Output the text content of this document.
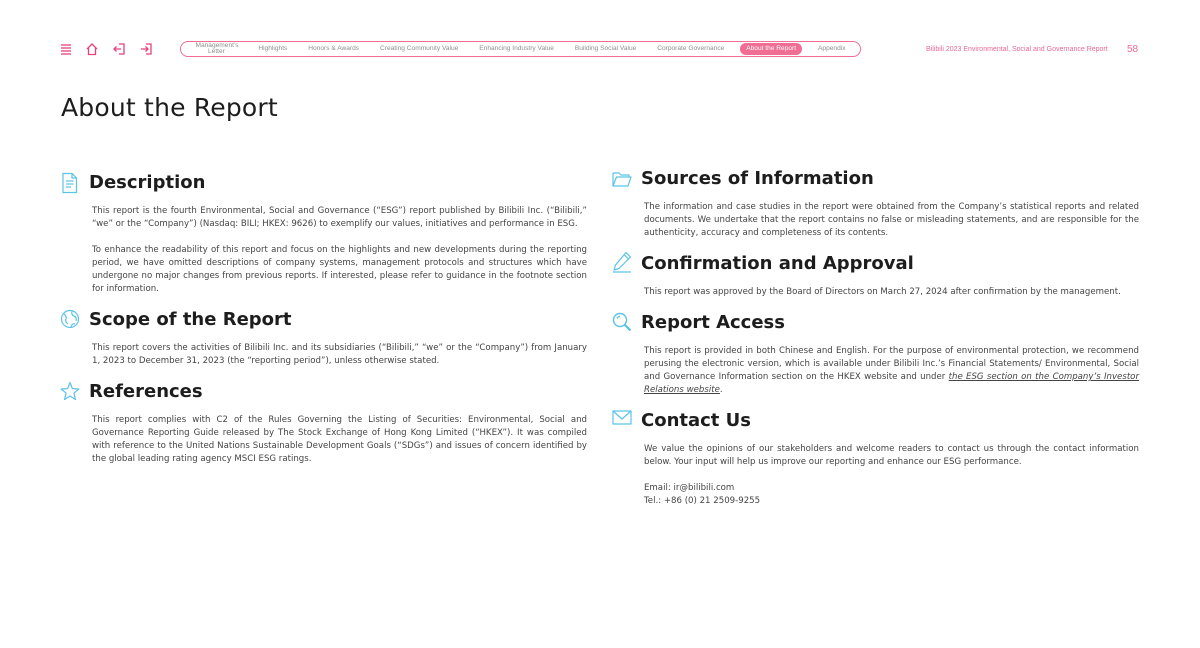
Management’s Letter	Highlights	Honors & Awards	Creating Community Value	Enhancing Industry Value	Building Social Value	Corporate Governance	About the Report	Appendix	Bilibili 2023 Environmental, Social and Governance Report 58
About the Report
Description

This report is the fourth Environmental, Social and Governance (“ESG”) report published by Bilibili Inc. (“Bilibili,” “we” or the “Company”) (Nasdaq: BILI; HKEX: 9626) to exemplify our values, initiatives and performance in ESG.

To enhance the readability of this report and focus on the highlights and new developments during the reporting period, we have omitted descriptions of company systems, management protocols and structures which have undergone no major changes from previous reports. If interested, please refer to guidance in the footnote section for information.

Scope of the Report

This report covers the activities of Bilibili Inc. and its subsidiaries (“Bilibili,” “we” or the “Company”) from January 1, 2023 to December 31, 2023 (the “reporting period”), unless otherwise stated.

References

This report complies with C2 of the Rules Governing the Listing of Securities: Environmental, Social and Governance Reporting Guide released by The Stock Exchange of Hong Kong Limited (“HKEX”). It was compiled with reference to the United Nations Sustainable Development Goals (“SDGs”) and issues of concern identified by the global leading rating agency MSCI ESG ratings.

Sources of Information

The information and case studies in the report were obtained from the Company’s statistical reports and related documents. We undertake that the report contains no false or misleading statements, and are responsible for the authenticity, accuracy and completeness of its contents.

Confirmation and Approval

This report was approved by the Board of Directors on March 27, 2024 after confirmation by the management.

Report Access

This report is provided in both Chinese and English. For the purpose of environmental protection, we recommend perusing the electronic version, which is available under Bilibili Inc.’s Financial Statements/ Environmental, Social and Governance Information section on the HKEX website and under the ESG section on the Company’s Investor Relations website.

Contact Us

We value the opinions of our stakeholders and welcome readers to contact us through the contact information below. Your input will help us improve our reporting and enhance our ESG performance.

Email: ir@bilibili.com
Tel.: +86 (0) 21 2509-9255
